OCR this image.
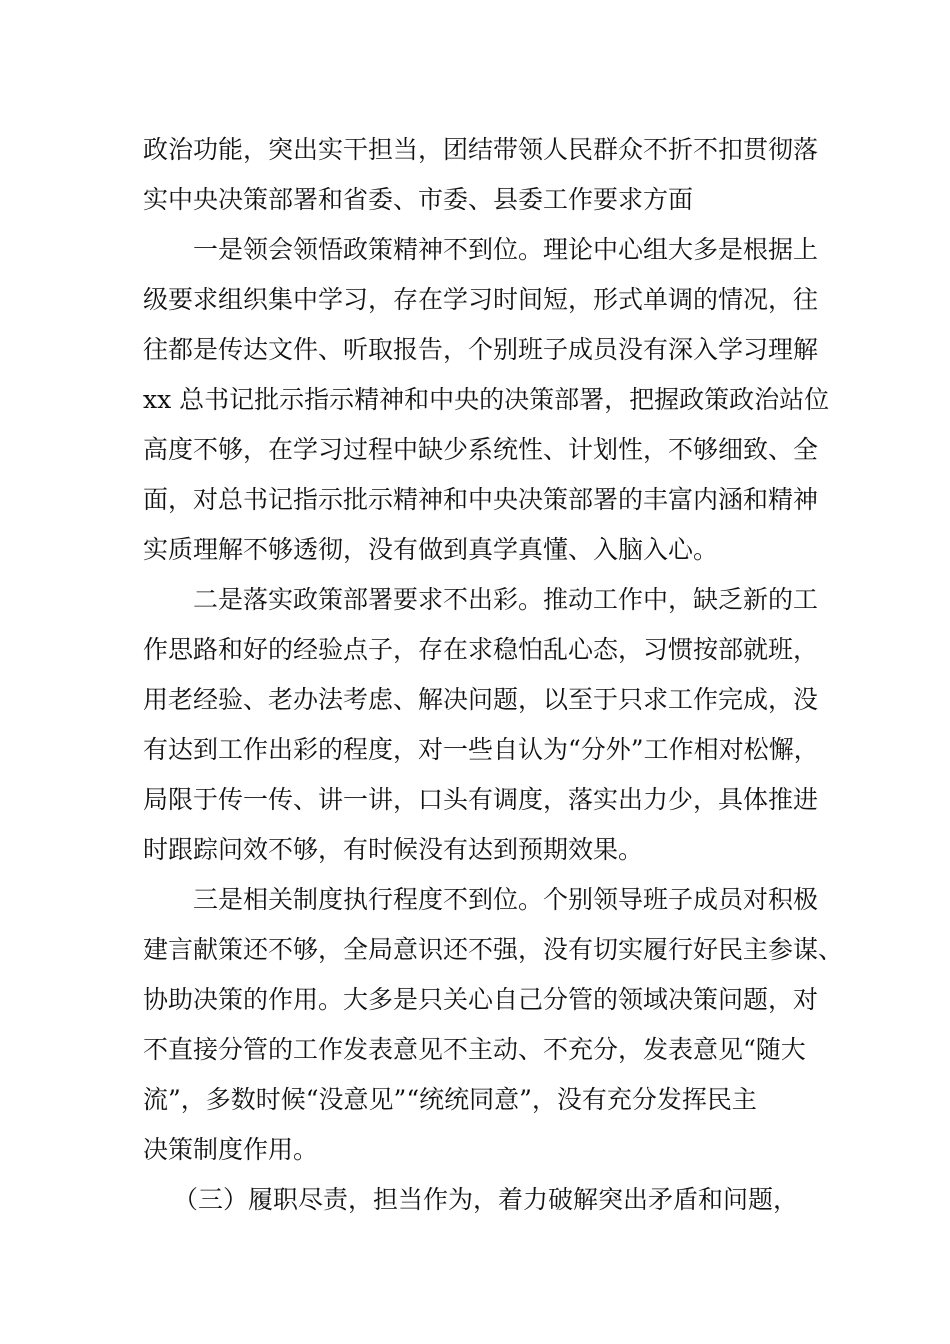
政治功能，突出实干担当，团结带领人民群众不折不扣贯彻落
实中央决策部署和省委、市委、县委工作要求方面
一是领会领悟政策精神不到位。理论中心组大多是根据上
级要求组织集中学习，存在学习时间短，形式单调的情况，往
往都是传达文件、听取报告，个别班子成员没有深入学习理解
xx 总书记批示指示精神和中央的决策部署，把握政策政治站位
高度不够，在学习过程中缺少系统性、计划性，不够细致、全
面，对总书记指示批示精神和中央决策部署的丰富内涵和精神
实质理解不够透彻，没有做到真学真懂、入脑入心。
二是落实政策部署要求不出彩。推动工作中，缺乏新的工
作思路和好的经验点子，存在求稳怕乱心态，习惯按部就班，
用老经验、老办法考虑、解决问题，以至于只求工作完成，没
有达到工作出彩的程度，对一些自认为“分外”工作相对松懈，
局限于传一传、讲一讲，口头有调度，落实出力少，具体推进
时跟踪问效不够，有时候没有达到预期效果。
三是相关制度执行程度不到位。个别领导班子成员对积极
建言献策还不够，全局意识还不强，没有切实履行好民主参谋、
协助决策的作用。大多是只关心自己分管的领域决策问题，对
不直接分管的工作发表意见不主动、不充分，发表意见“随大
流”，多数时候“没意见”“统统同意”，没有充分发挥民主
决策制度作用。
（三）履职尽责，担当作为，着力破解突出矛盾和问题，
